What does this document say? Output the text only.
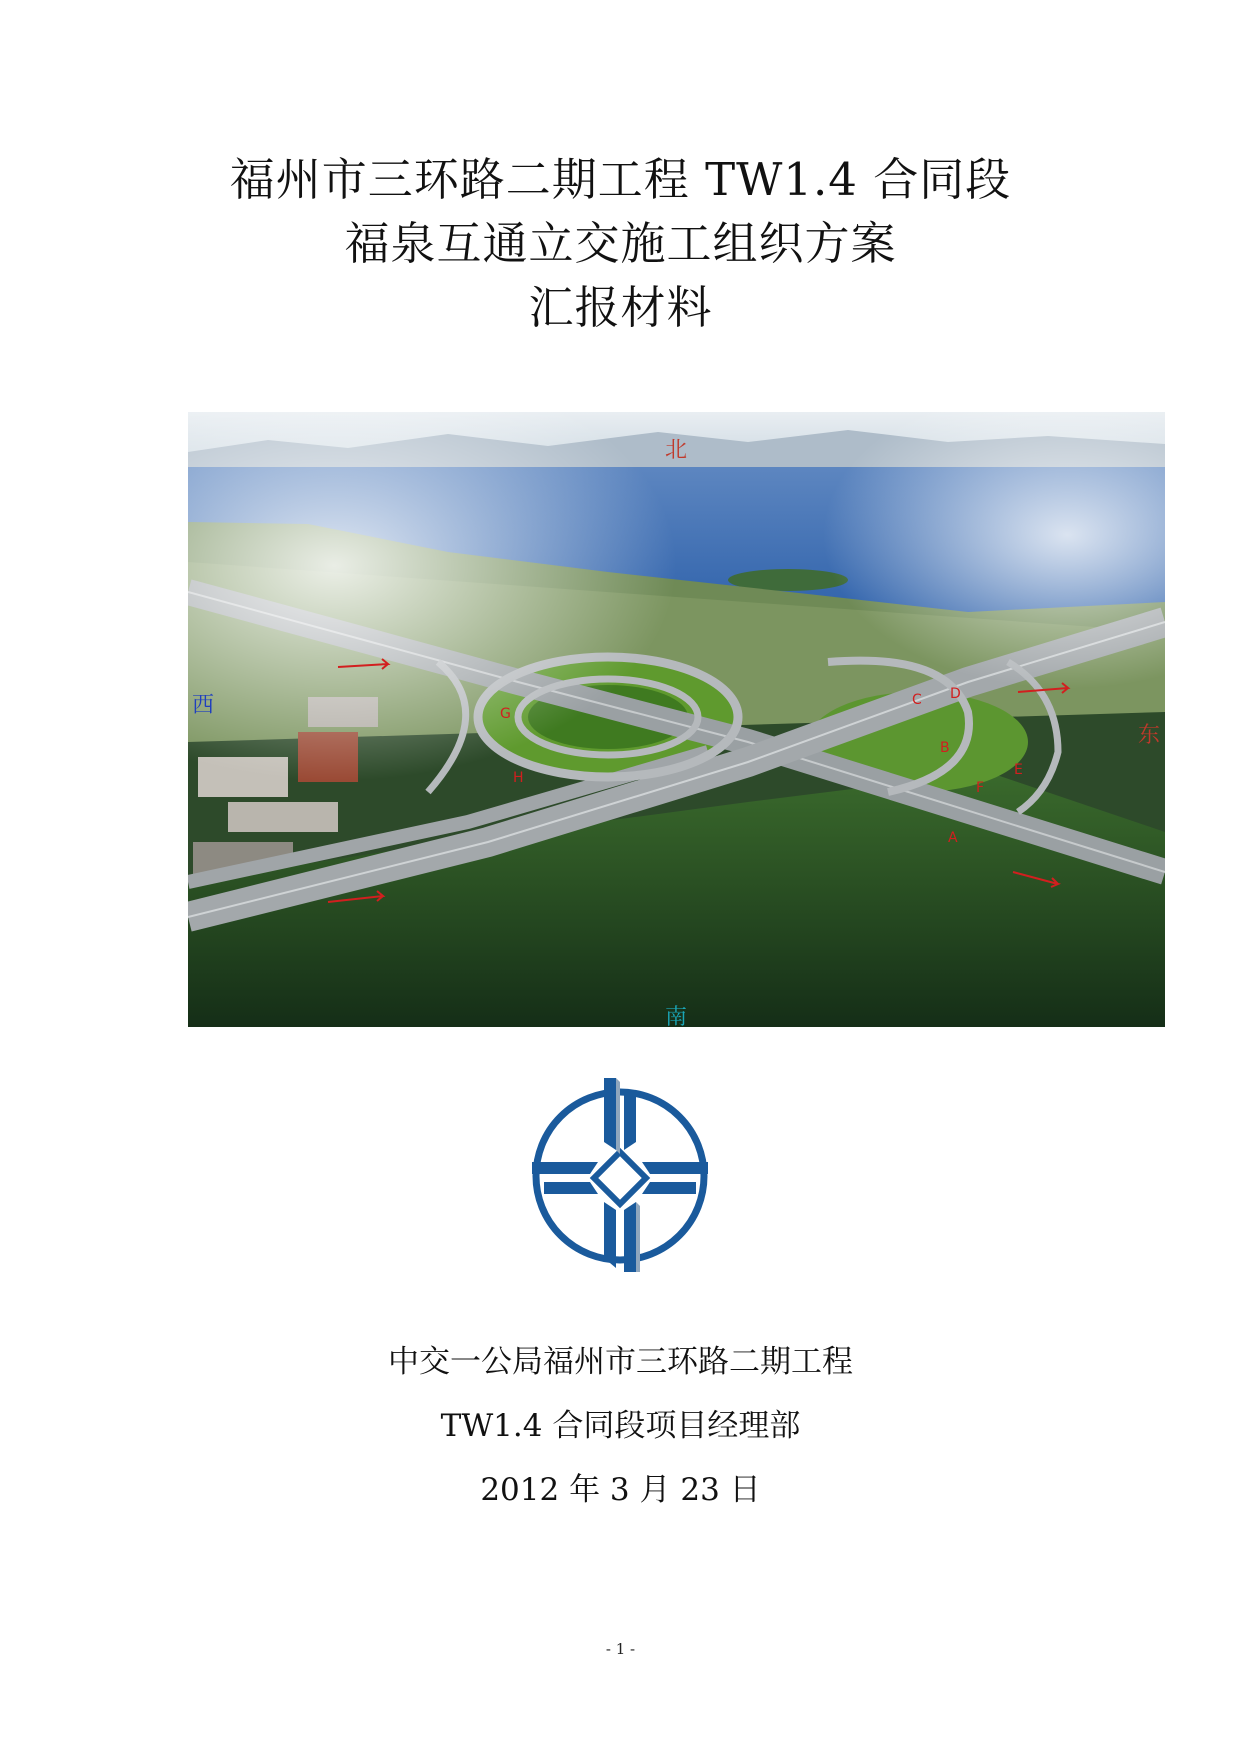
福州市三环路二期工程 TW1.4 合同段
福泉互通立交施工组织方案
汇报材料
北
南
西
东
A
B
C D
E
F
G
H
中交一公局福州市三环路二期工程
TW1.4 合同段项目经理部
2012 年 3 月 23 日
- 1 -
